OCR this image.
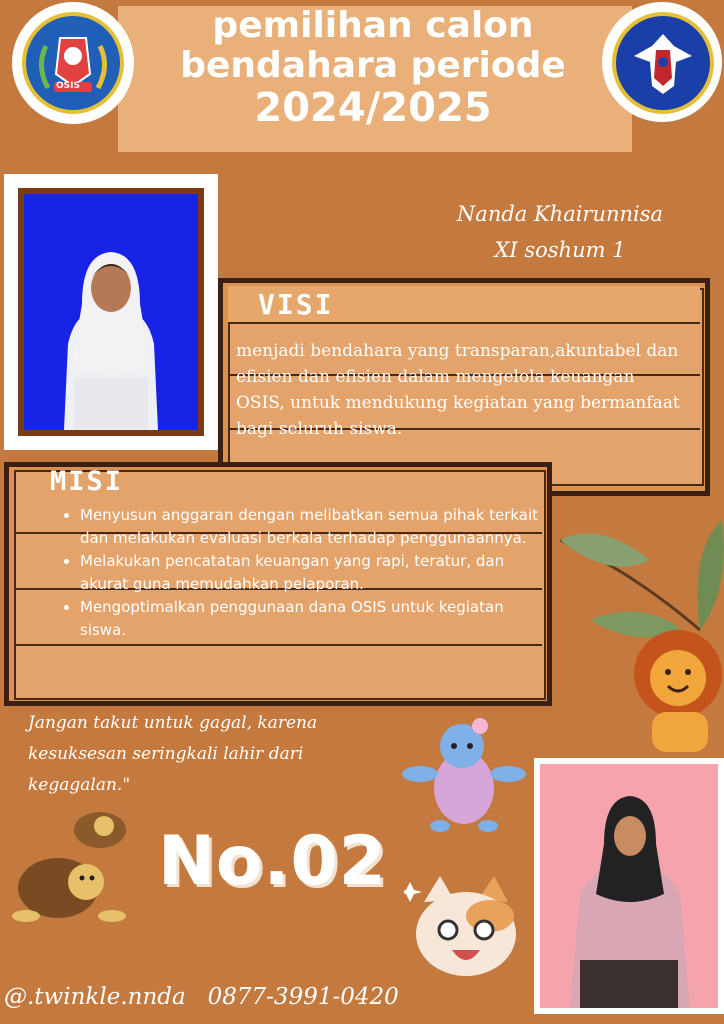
pemilihan calon
bendahara periode
2024/2025
OSIS
Nanda Khairunnisa
XI soshum 1
VISI
menjadi bendahara yang transparan,akuntabel dan efisien dan efisien dalam mengelola keuangan OSIS, untuk mendukung kegiatan yang bermanfaat bagi seluruh siswa.
MISI
• Menyusun anggaran dengan melibatkan semua pihak terkait dan melakukan evaluasi berkala terhadap penggunaannya.
• Melakukan pencatatan keuangan yang rapi, teratur, dan akurat guna memudahkan pelaporan.
• Mengoptimalkan penggunaan dana OSIS untuk kegiatan siswa.
Jangan takut untuk gagal, karena kesuksesan seringkali lahir dari kegagalan."
No.02
@.twinkle.nnda 0877-3991-0420
